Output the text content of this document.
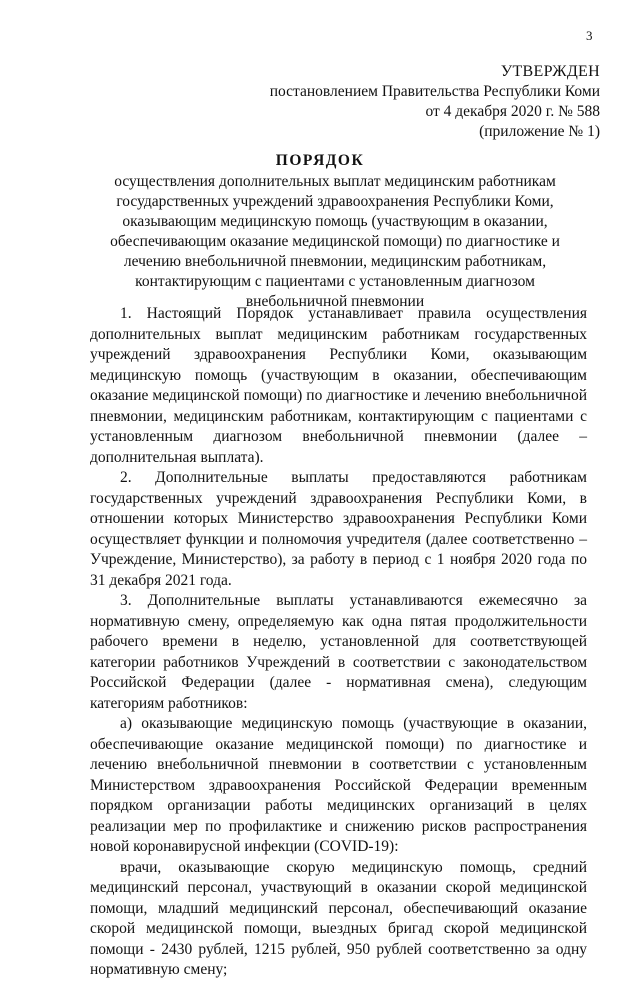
3
УТВЕРЖДЕН
постановлением Правительства Республики Коми
от 4 декабря 2020 г. № 588
(приложение № 1)
ПОРЯДОК
осуществления дополнительных выплат медицинским работникам государственных учреждений здравоохранения Республики Коми, оказывающим медицинскую помощь (участвующим в оказании, обеспечивающим оказание медицинской помощи) по диагностике и лечению внебольничной пневмонии, медицинским работникам, контактирующим с пациентами с установленным диагнозом внебольничной пневмонии

1. Настоящий Порядок устанавливает правила осуществления дополнительных выплат медицинским работникам государственных учреждений здравоохранения Республики Коми, оказывающим медицинскую помощь (участвующим в оказании, обеспечивающим оказание медицинской помощи) по диагностике и лечению внебольничной пневмонии, медицинским работникам, контактирующим с пациентами с установленным диагнозом внебольничной пневмонии (далее – дополнительная выплата).

2. Дополнительные выплаты предоставляются работникам государственных учреждений здравоохранения Республики Коми, в отношении которых Министерство здравоохранения Республики Коми осуществляет функции и полномочия учредителя (далее соответственно – Учреждение, Министерство), за работу в период с 1 ноября 2020 года по 31 декабря 2021 года.

3. Дополнительные выплаты устанавливаются ежемесячно за нормативную смену, определяемую как одна пятая продолжительности рабочего времени в неделю, установленной для соответствующей категории работников Учреждений в соответствии с законодательством Российской Федерации (далее - нормативная смена), следующим категориям работников:

а) оказывающие медицинскую помощь (участвующие в оказании, обеспечивающие оказание медицинской помощи) по диагностике и лечению внебольничной пневмонии в соответствии с установленным Министерством здравоохранения Российской Федерации временным порядком организации работы медицинских организаций в целях реализации мер по профилактике и снижению рисков распространения новой коронавирусной инфекции (COVID-19):

врачи, оказывающие скорую медицинскую помощь, средний медицинский персонал, участвующий в оказании скорой медицинской помощи, младший медицинский персонал, обеспечивающий оказание скорой медицинской помощи, выездных бригад скорой медицинской помощи - 2430 рублей, 1215 рублей, 950 рублей соответственно за одну нормативную смену;
